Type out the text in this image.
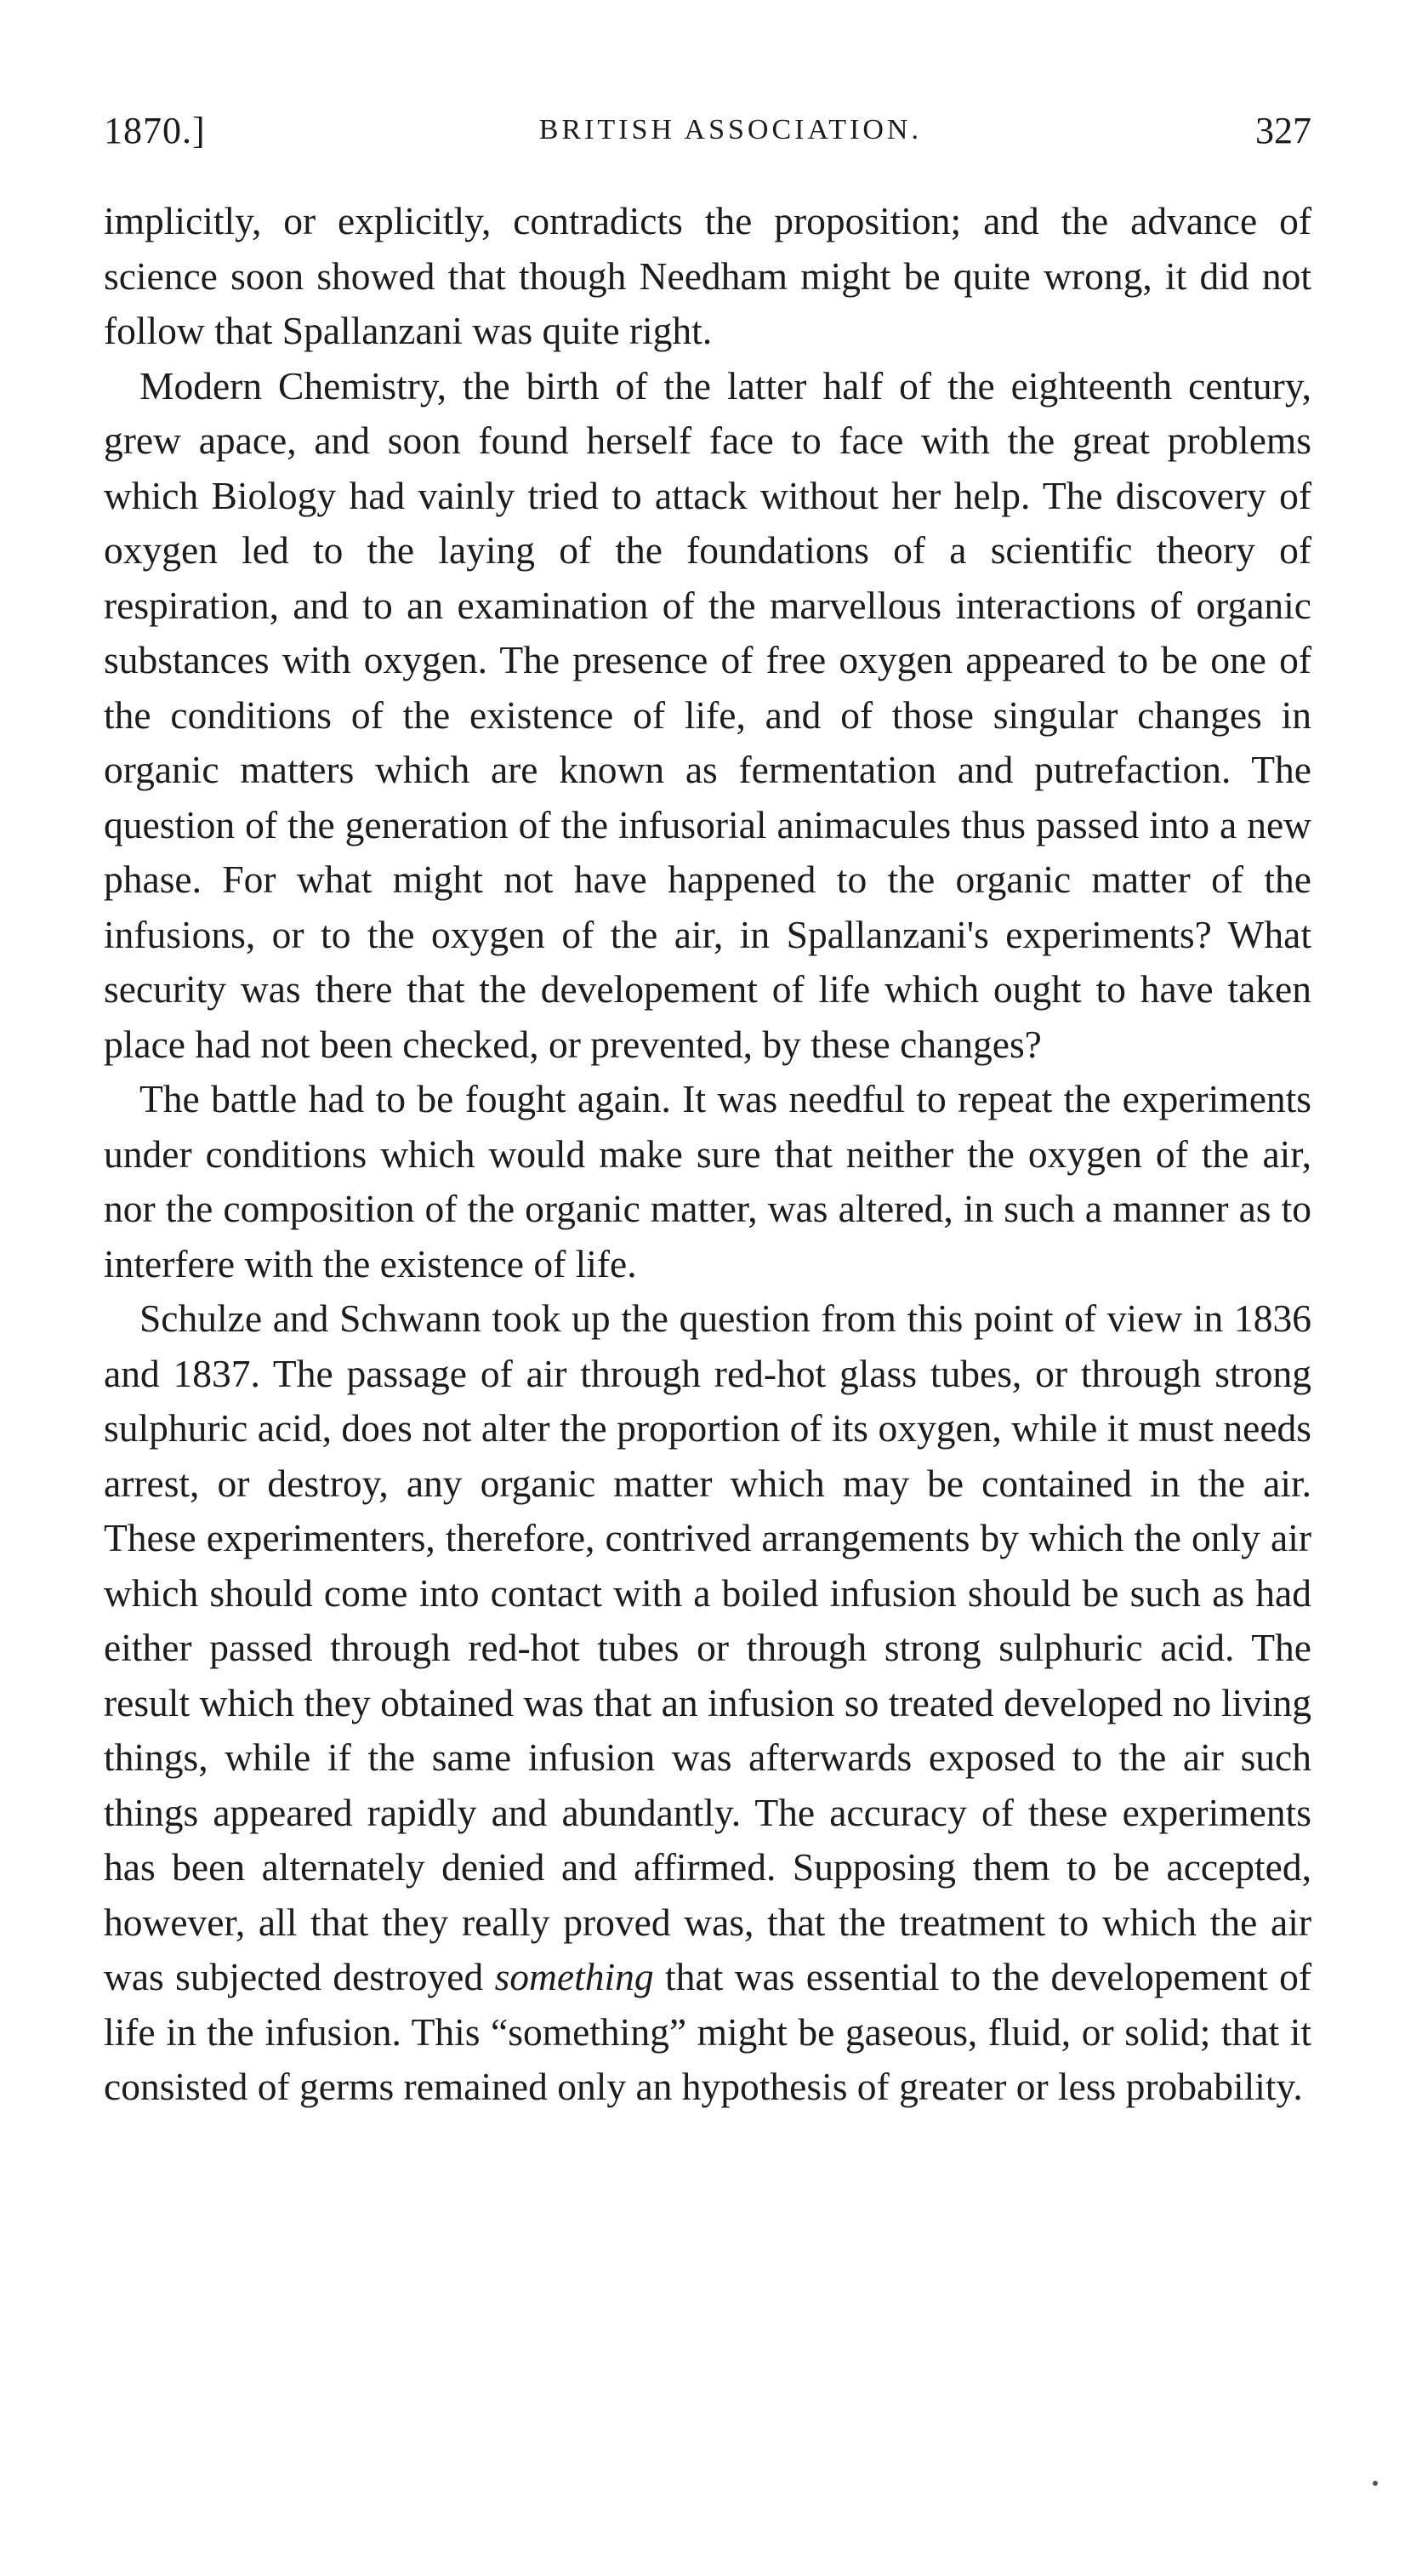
1870.]	BRITISH ASSOCIATION.	327

implicitly, or explicitly, contradicts the proposition; and the advance of science soon showed that though Needham might be quite wrong, it did not follow that Spallanzani was quite right.

Modern Chemistry, the birth of the latter half of the eighteenth century, grew apace, and soon found herself face to face with the great problems which Biology had vainly tried to attack without her help. The discovery of oxygen led to the laying of the foundations of a scientific theory of respiration, and to an examination of the marvellous interactions of organic substances with oxygen. The presence of free oxygen appeared to be one of the conditions of the existence of life, and of those singular changes in organic matters which are known as fermentation and putrefaction. The question of the generation of the infusorial animacules thus passed into a new phase. For what might not have happened to the organic matter of the infusions, or to the oxygen of the air, in Spallanzani's experiments? What security was there that the developement of life which ought to have taken place had not been checked, or prevented, by these changes?

The battle had to be fought again. It was needful to repeat the experiments under conditions which would make sure that neither the oxygen of the air, nor the composition of the organic matter, was altered, in such a manner as to interfere with the existence of life.

Schulze and Schwann took up the question from this point of view in 1836 and 1837. The passage of air through red-hot glass tubes, or through strong sulphuric acid, does not alter the proportion of its oxygen, while it must needs arrest, or destroy, any organic matter which may be contained in the air. These experimenters, therefore, contrived arrangements by which the only air which should come into contact with a boiled infusion should be such as had either passed through red-hot tubes or through strong sulphuric acid. The result which they obtained was that an infusion so treated developed no living things, while if the same infusion was afterwards exposed to the air such things appeared rapidly and abundantly. The accuracy of these experiments has been alternately denied and affirmed. Supposing them to be accepted, however, all that they really proved was, that the treatment to which the air was subjected destroyed something that was essential to the developement of life in the infusion. This “something” might be gaseous, fluid, or solid; that it consisted of germs remained only an hypothesis of greater or less probability.
